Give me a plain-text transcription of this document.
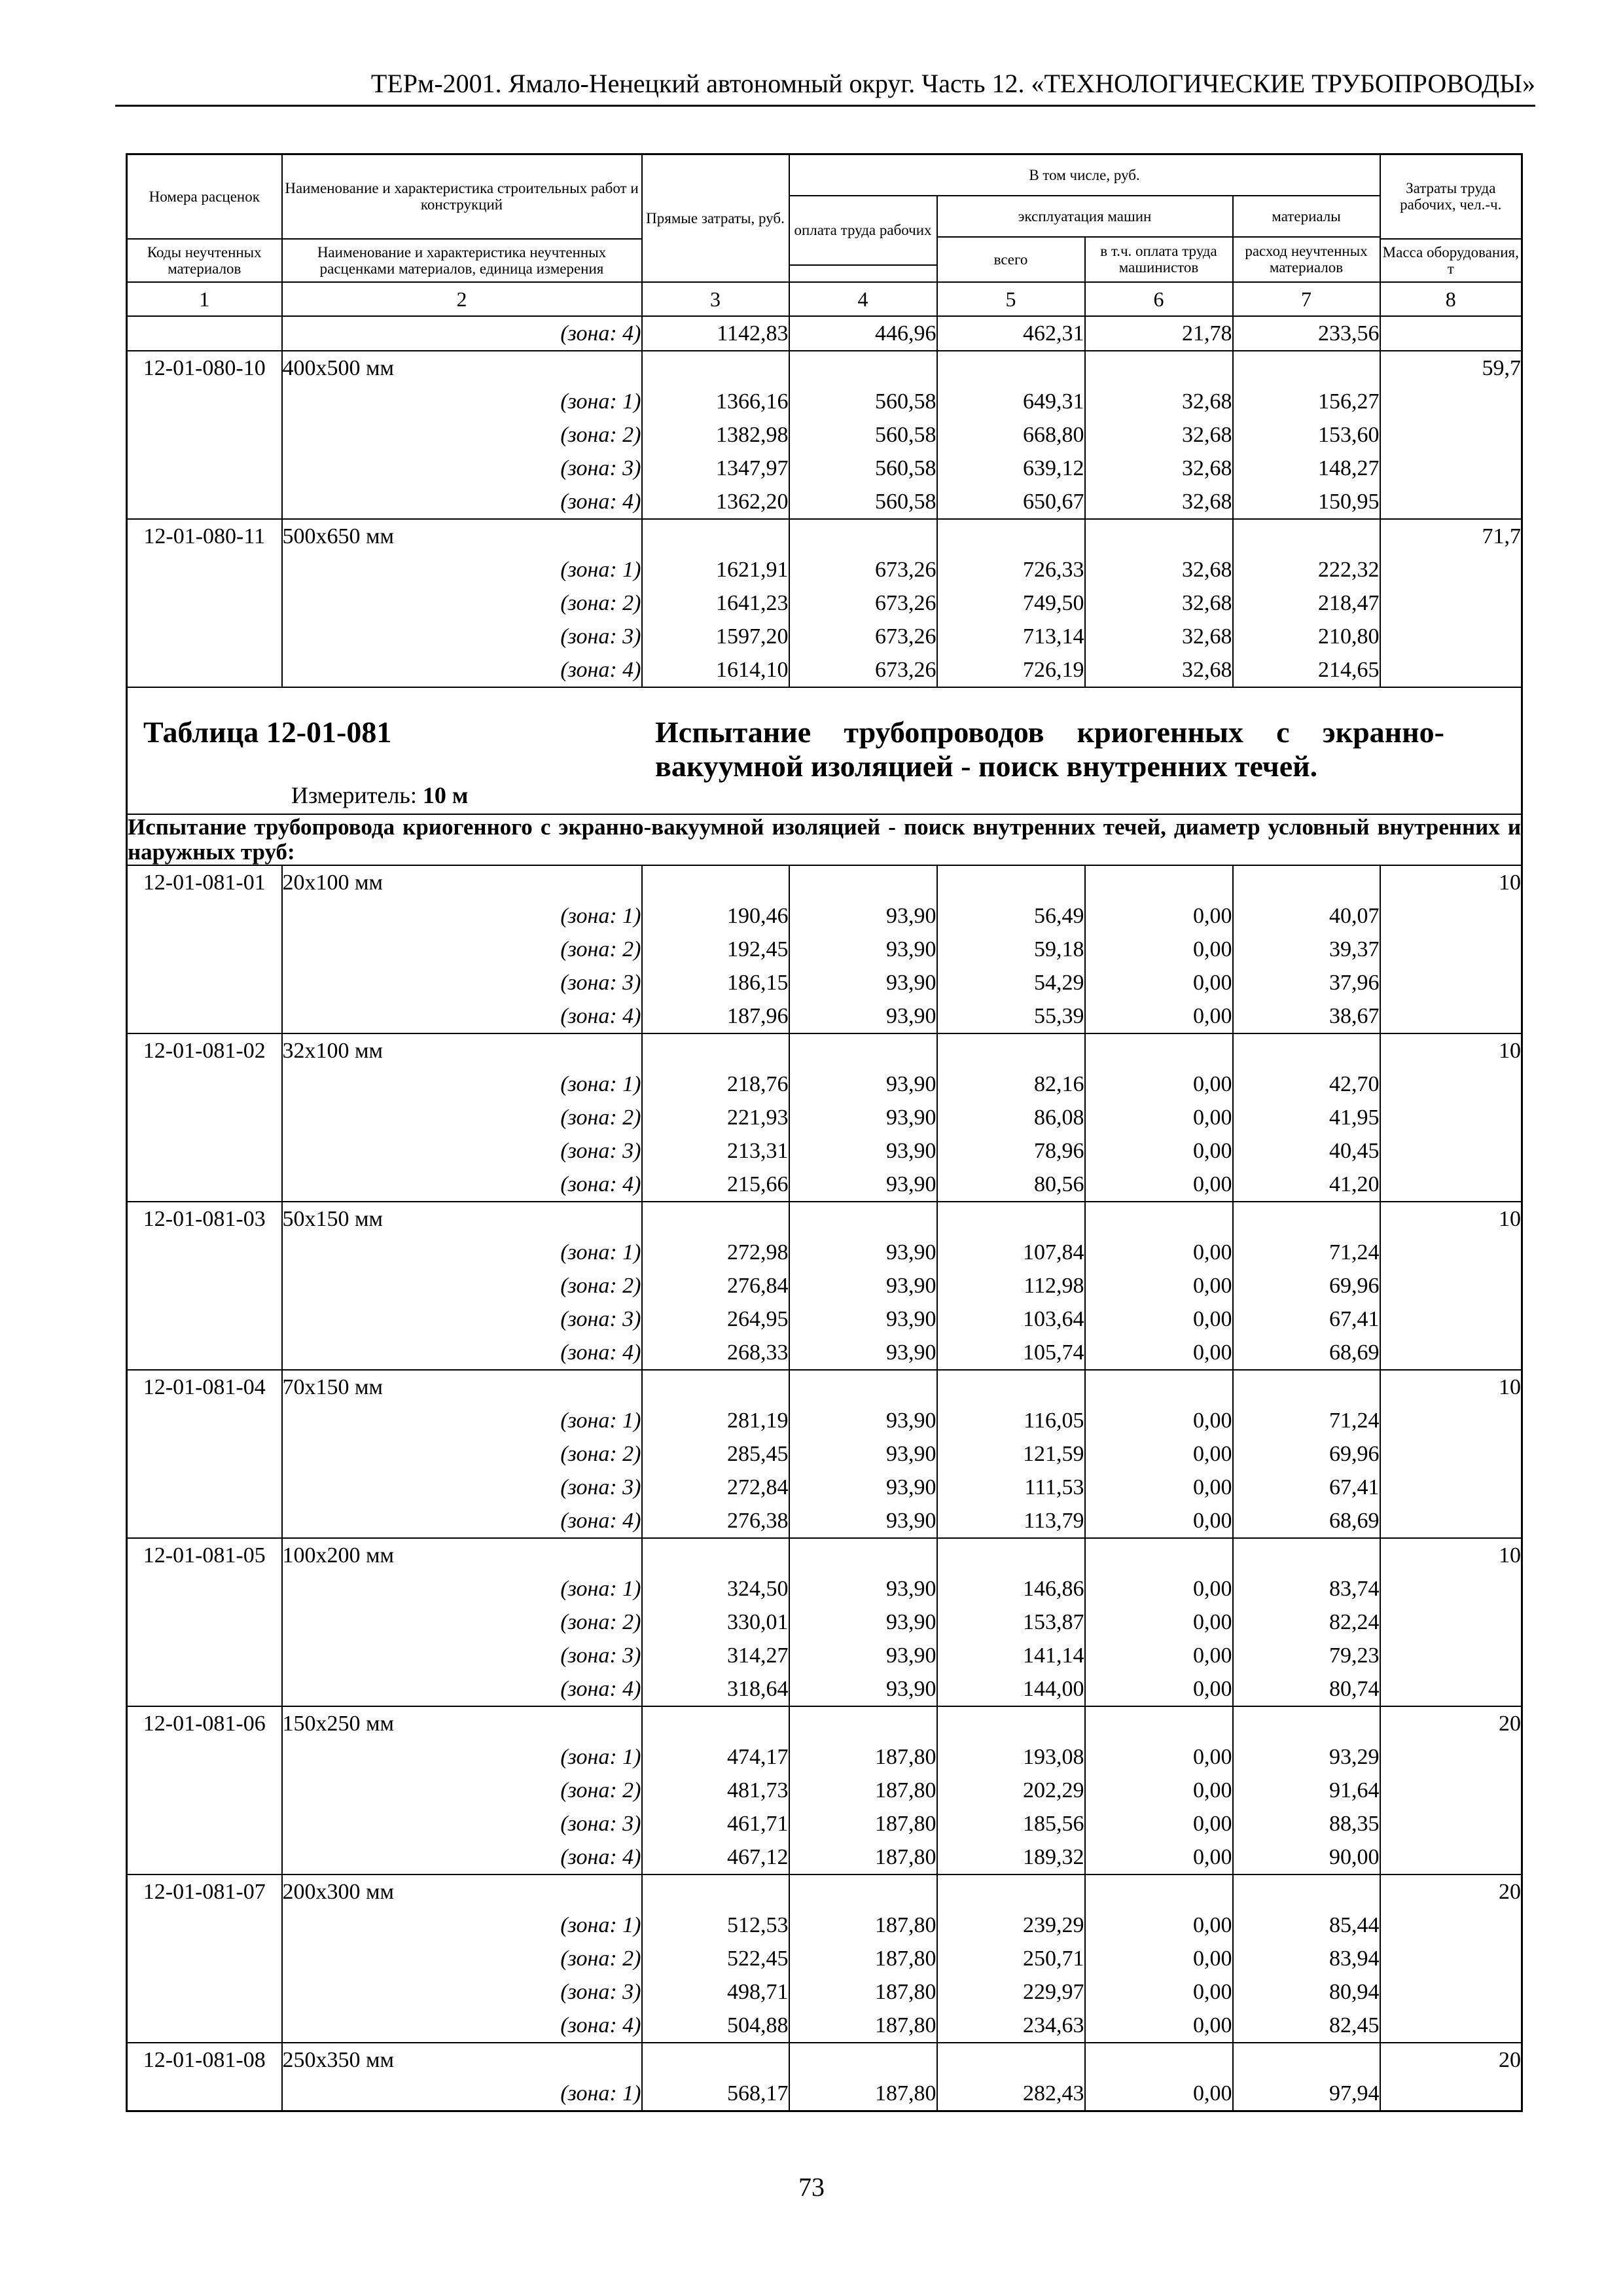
ТЕРм-2001. Ямало-Ненецкий автономный округ. Часть 12. «ТЕХНОЛОГИЧЕСКИЕ ТРУБОПРОВОДЫ»
Номера расценок	Наименование и характеристика строительных работ и конструкций	Прямые затраты, руб.	В том числе, руб.				Затраты труда рабочих, чел.-ч.
			оплата труда рабочих	эксплуатация машин		материалы	
				всего	в т.ч. оплата труда машинистов	расход неучтенных материалов	
Коды неучтенных материалов	Наименование и характеристика неучтенных расценками материалов, единица измерения						Масса оборудования, т

1	2	3	4	5	6	7	8
	(зона: 4)	1142,83	446,96	462,31	21,78	233,56	
12-01-080-10	400x500 мм						59,7
	(зона: 1)	1366,16	560,58	649,31	32,68	156,27	
	(зона: 2)	1382,98	560,58	668,80	32,68	153,60	
	(зона: 3)	1347,97	560,58	639,12	32,68	148,27	
	(зона: 4)	1362,20	560,58	650,67	32,68	150,95	
12-01-080-11	500x650 мм						71,7
	(зона: 1)	1621,91	673,26	726,33	32,68	222,32	
	(зона: 2)	1641,23	673,26	749,50	32,68	218,47	
	(зона: 3)	1597,20	673,26	713,14	32,68	210,80	
	(зона: 4)	1614,10	673,26	726,19	32,68	214,65	

Таблица 12-01-081 Испытание трубопроводов криогенных с экранно-вакуумной изоляцией - поиск внутренних течей.
Измеритель: 10 м							

Испытание трубопровода криогенного с экранно-вакуумной изоляцией - поиск внутренних течей, диаметр условный внутренних и наружных труб:							
12-01-081-01	20x100 мм						10
	(зона: 1)	190,46	93,90	56,49	0,00	40,07	
	(зона: 2)	192,45	93,90	59,18	0,00	39,37	
	(зона: 3)	186,15	93,90	54,29	0,00	37,96	
	(зона: 4)	187,96	93,90	55,39	0,00	38,67	
12-01-081-02	32x100 мм						10
	(зона: 1)	218,76	93,90	82,16	0,00	42,70	
	(зона: 2)	221,93	93,90	86,08	0,00	41,95	
	(зона: 3)	213,31	93,90	78,96	0,00	40,45	
	(зона: 4)	215,66	93,90	80,56	0,00	41,20	
12-01-081-03	50x150 мм						10
	(зона: 1)	272,98	93,90	107,84	0,00	71,24	
	(зона: 2)	276,84	93,90	112,98	0,00	69,96	
	(зона: 3)	264,95	93,90	103,64	0,00	67,41	
	(зона: 4)	268,33	93,90	105,74	0,00	68,69	
12-01-081-04	70x150 мм						10
	(зона: 1)	281,19	93,90	116,05	0,00	71,24	
	(зона: 2)	285,45	93,90	121,59	0,00	69,96	
	(зона: 3)	272,84	93,90	111,53	0,00	67,41	
	(зона: 4)	276,38	93,90	113,79	0,00	68,69	
12-01-081-05	100x200 мм						10
	(зона: 1)	324,50	93,90	146,86	0,00	83,74	
	(зона: 2)	330,01	93,90	153,87	0,00	82,24	
	(зона: 3)	314,27	93,90	141,14	0,00	79,23	
	(зона: 4)	318,64	93,90	144,00	0,00	80,74	
12-01-081-06	150x250 мм						20
	(зона: 1)	474,17	187,80	193,08	0,00	93,29	
	(зона: 2)	481,73	187,80	202,29	0,00	91,64	
	(зона: 3)	461,71	187,80	185,56	0,00	88,35	
	(зона: 4)	467,12	187,80	189,32	0,00	90,00	
12-01-081-07	200x300 мм						20
	(зона: 1)	512,53	187,80	239,29	0,00	85,44	
	(зона: 2)	522,45	187,80	250,71	0,00	83,94	
	(зона: 3)	498,71	187,80	229,97	0,00	80,94	
	(зона: 4)	504,88	187,80	234,63	0,00	82,45	
12-01-081-08	250x350 мм						20
	(зона: 1)	568,17	187,80	282,43	0,00	97,94	
73
